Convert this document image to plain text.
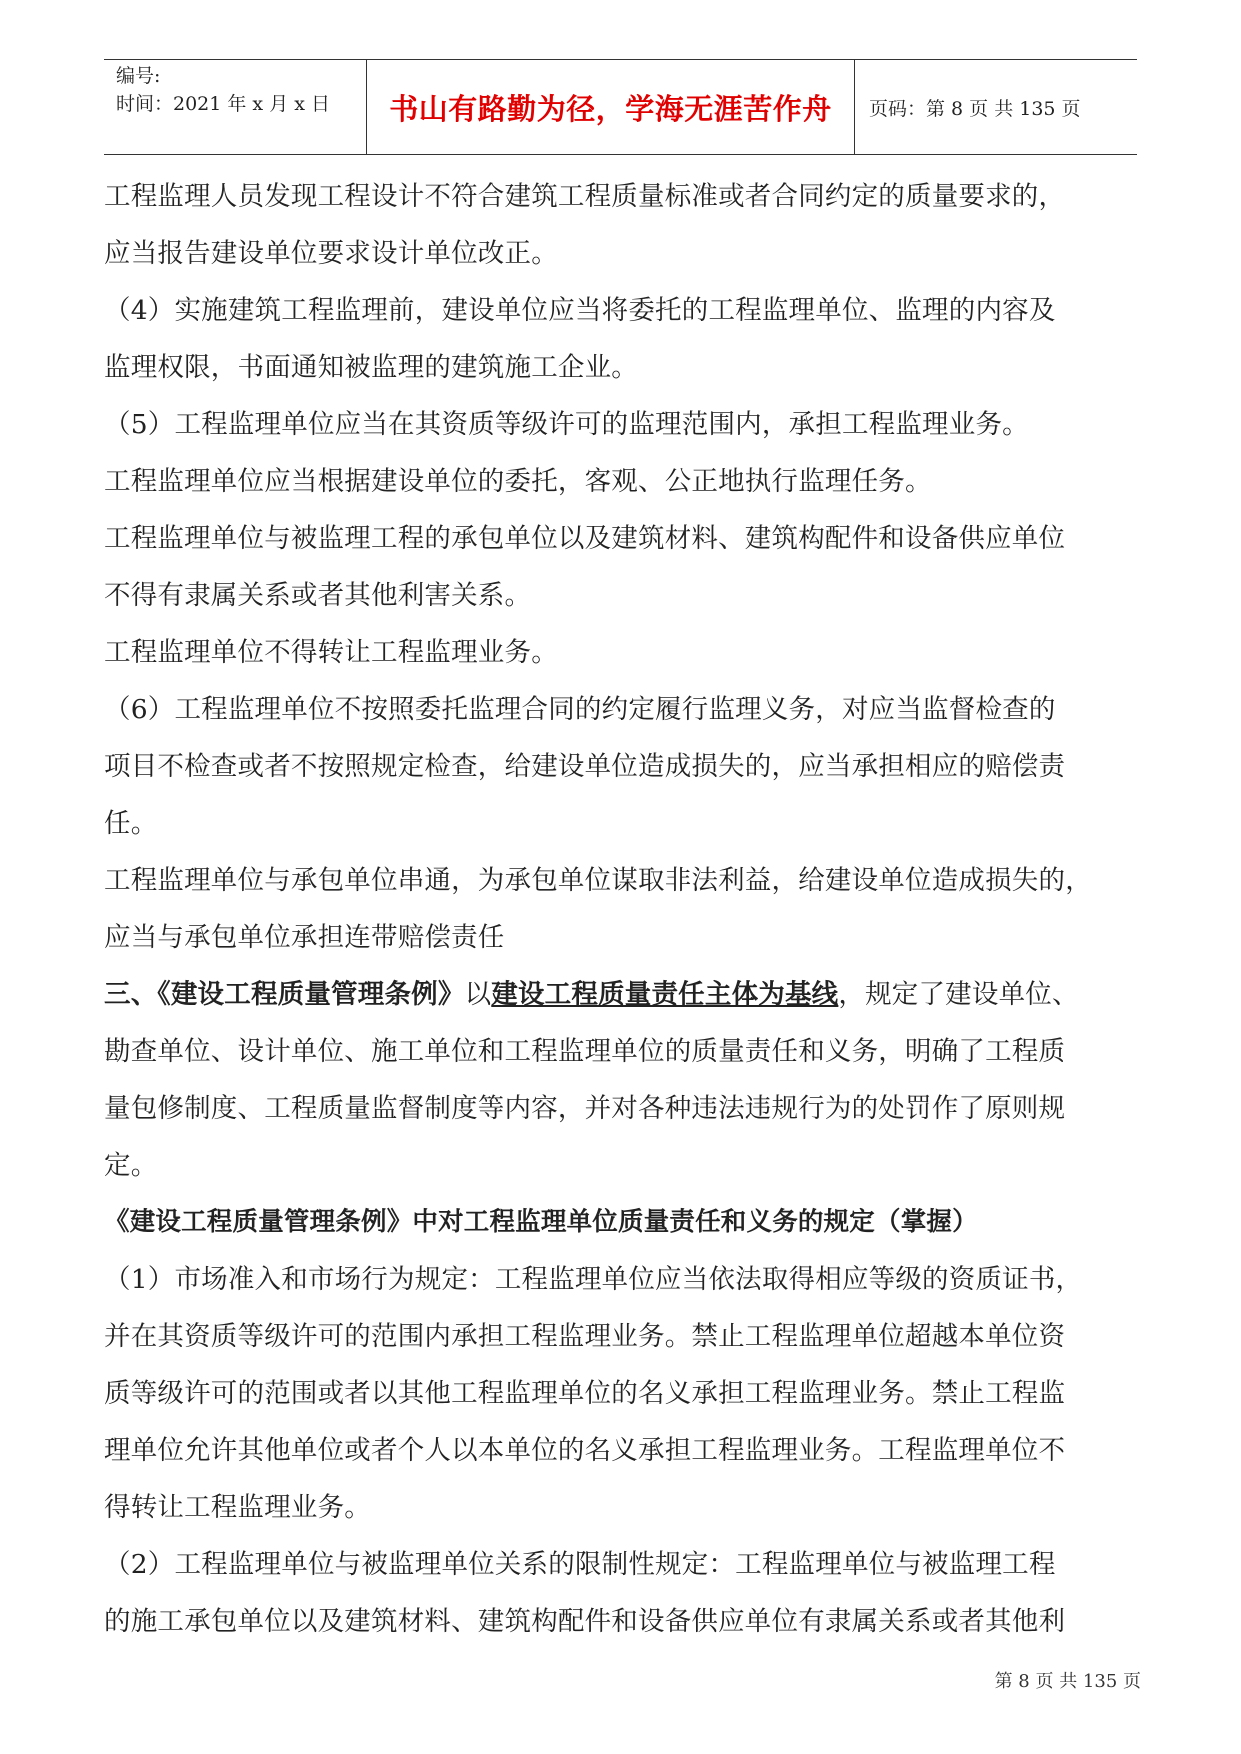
编号:
时间：2021 年 x 月 x 日	书山有路勤为径，学海无涯苦作舟 页码：第 8 页 共 135 页

工程监理人员发现工程设计不符合建筑工程质量标准或者合同约定的质量要求的，

应当报告建设单位要求设计单位改正。

（4）实施建筑工程监理前，建设单位应当将委托的工程监理单位、监理的内容及

监理权限，书面通知被监理的建筑施工企业。

（5）工程监理单位应当在其资质等级许可的监理范围内，承担工程监理业务。

工程监理单位应当根据建设单位的委托，客观、公正地执行监理任务。

工程监理单位与被监理工程的承包单位以及建筑材料、建筑构配件和设备供应单位

不得有隶属关系或者其他利害关系。

工程监理单位不得转让工程监理业务。

（6）工程监理单位不按照委托监理合同的约定履行监理义务，对应当监督检查的

项目不检查或者不按照规定检查，给建设单位造成损失的，应当承担相应的赔偿责

任。

工程监理单位与承包单位串通，为承包单位谋取非法利益，给建设单位造成损失的，

应当与承包单位承担连带赔偿责任

三、《建设工程质量管理条例》以建设工程质量责任主体为基线，规定了建设单位、

勘查单位、设计单位、施工单位和工程监理单位的质量责任和义务，明确了工程质

量包修制度、工程质量监督制度等内容，并对各种违法违规行为的处罚作了原则规

定。

《建设工程质量管理条例》中对工程监理单位质量责任和义务的规定（掌握）

（1）市场准入和市场行为规定：工程监理单位应当依法取得相应等级的资质证书，

并在其资质等级许可的范围内承担工程监理业务。禁止工程监理单位超越本单位资

质等级许可的范围或者以其他工程监理单位的名义承担工程监理业务。禁止工程监

理单位允许其他单位或者个人以本单位的名义承担工程监理业务。工程监理单位不

得转让工程监理业务。

（2）工程监理单位与被监理单位关系的限制性规定：工程监理单位与被监理工程

的施工承包单位以及建筑材料、建筑构配件和设备供应单位有隶属关系或者其他利

第 8 页 共 135 页
